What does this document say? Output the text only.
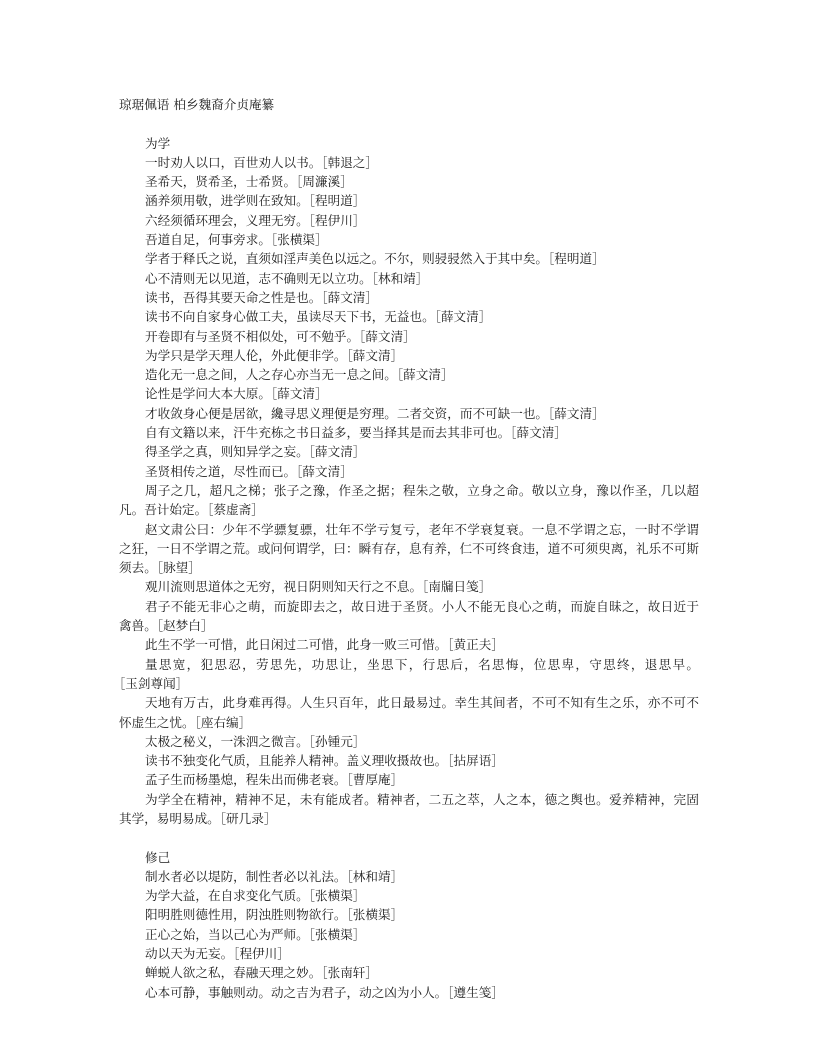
琼琚佩语 柏乡魏裔介贞庵纂
为学
一时劝人以口，百世劝人以书。［韩退之］
圣希天，贤希圣，士希贤。［周濂溪］
涵养须用敬，进学则在致知。［程明道］
六经须循环理会，义理无穷。［程伊川］
吾道自足，何事旁求。［张横渠］
学者于释氏之说，直须如淫声美色以远之。不尔，则骎骎然入于其中矣。［程明道］
心不清则无以见道，志不确则无以立功。［林和靖］
读书，吾得其要天命之性是也。［薛文清］
读书不向自家身心做工夫，虽读尽天下书，无益也。［薛文清］
开卷即有与圣贤不相似处，可不勉乎。［薛文清］
为学只是学天理人伦，外此便非学。［薛文清］
造化无一息之间，人之存心亦当无一息之间。［薛文清］
论性是学问大本大原。［薛文清］
才收敛身心便是居欲，纔寻思义理便是穷理。二者交资，而不可缺一也。［薛文清］
自有文籍以来，汗牛充栋之书日益多，要当择其是而去其非可也。［薛文清］
得圣学之真，则知异学之妄。［薛文清］
圣贤相传之道，尽性而已。［薛文清］
周子之几，超凡之梯；张子之豫，作圣之据；程朱之敬，立身之命。敬以立身，豫以作圣，几以超凡。吾计始定。［蔡虚斋］
赵文肃公曰：少年不学骠复骠，壮年不学亏复亏，老年不学衰复衰。一息不学谓之忘，一时不学谓之狂，一日不学谓之荒。或问何谓学，曰：瞬有存，息有养，仁不可终食违，道不可须臾离，礼乐不可斯须去。［脉望］
观川流则思道体之无穷，视日阴则知天行之不息。［南牖日笺］
君子不能无非心之萌，而旋即去之，故日进于圣贤。小人不能无良心之萌，而旋自昧之，故日近于禽兽。［赵梦白］
此生不学一可惜，此日闲过二可惜，此身一败三可惜。［黄正夫］
量思宽，犯思忍，劳思先，功思让，坐思下，行思后，名思悔，位思卑，守思终，退思早。［玉剑尊闻］
天地有万古，此身难再得。人生只百年，此日最易过。幸生其间者，不可不知有生之乐，亦不可不怀虚生之忧。［座右编］
太极之秘义，一洙泗之微言。［孙锺元］
读书不独变化气质，且能养人精神。盖义理收摄故也。［拈屏语］
孟子生而杨墨熄，程朱出而佛老衰。［曹厚庵］
为学全在精神，精神不足，未有能成者。精神者，二五之萃，人之本，德之舆也。爱养精神，完固其学，易明易成。［研几录］
修己
制水者必以堤防，制性者必以礼法。［林和靖］
为学大益，在自求变化气质。［张横渠］
阳明胜则德性用，阴浊胜则物欲行。［张横渠］
正心之始，当以己心为严师。［张横渠］
动以天为无妄。［程伊川］
蝉蜕人欲之私，春融天理之妙。［张南轩］
心本可静，事触则动。动之吉为君子，动之凶为小人。［遵生笺］
